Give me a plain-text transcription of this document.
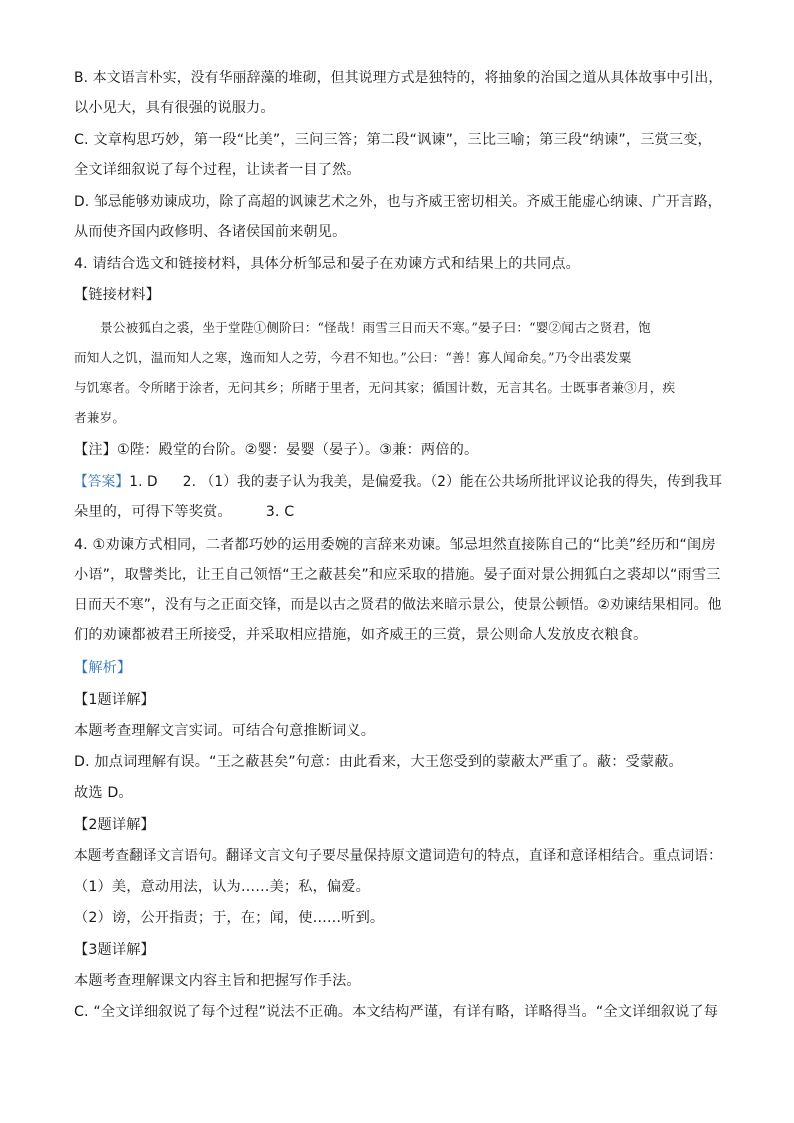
B. 本文语言朴实，没有华丽辞藻的堆砌，但其说理方式是独特的，将抽象的治国之道从具体故事中引出，
以小见大，具有很强的说服力。
C. 文章构思巧妙，第一段“比美”，三问三答；第二段“讽谏”，三比三喻；第三段“纳谏”，三赏三变，
全文详细叙说了每个过程，让读者一目了然。
D. 邹忌能够劝谏成功，除了高超的讽谏艺术之外，也与齐威王密切相关。齐威王能虚心纳谏、广开言路，
从而使齐国内政修明、各诸侯国前来朝见。
4. 请结合选文和链接材料，具体分析邹忌和晏子在劝谏方式和结果上的共同点。
【链接材料】
景公被狐白之裘，坐于堂陛①侧阶曰：“怪哉！雨雪三日而天不寒。”晏子曰：“婴②闻古之贤君，饱
而知人之饥，温而知人之寒，逸而知人之劳，今君不知也。”公曰：“善！寡人闻命矣。”乃令出裘发粟
与饥寒者。令所睹于涂者，无问其乡；所睹于里者，无问其家；循国计数，无言其名。士既事者兼③月，疾
者兼岁。
【注】①陛：殿堂的台阶。②婴：晏婴（晏子）。③兼：两倍的。
【答案】1. D 2. （1）我的妻子认为我美，是偏爱我。（2）能在公共场所批评议论我的得失，传到我耳
朵里的，可得下等奖赏。 3. C
4. ①劝谏方式相同，二者都巧妙的运用委婉的言辞来劝谏。邹忌坦然直接陈自己的“比美”经历和“闺房
小语”，取譬类比，让王自己领悟“王之蔽甚矣”和应采取的措施。晏子面对景公拥狐白之裘却以“雨雪三
日而天不寒”，没有与之正面交锋，而是以古之贤君的做法来暗示景公，使景公顿悟。②劝谏结果相同。他
们的劝谏都被君王所接受，并采取相应措施，如齐威王的三赏，景公则命人发放皮衣粮食。
【解析】
【1题详解】
本题考查理解文言实词。可结合句意推断词义。
D. 加点词理解有误。“王之蔽甚矣”句意：由此看来，大王您受到的蒙蔽太严重了。蔽：受蒙蔽。
故选 D。
【2题详解】
本题考查翻译文言语句。翻译文言文句子要尽量保持原文遣词造句的特点，直译和意译相结合。重点词语：
（1）美，意动用法，认为……美；私，偏爱。
（2）谤，公开指责；于，在；闻，使……听到。
【3题详解】
本题考查理解课文内容主旨和把握写作手法。
C. “全文详细叙说了每个过程”说法不正确。本文结构严谨，有详有略，详略得当。“全文详细叙说了每
